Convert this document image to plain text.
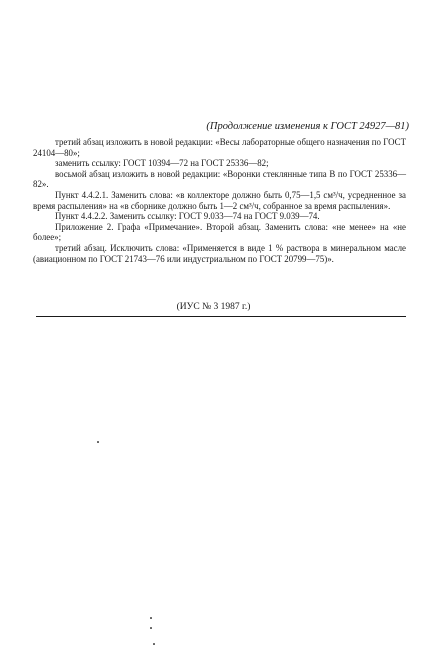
(Продолжение изменения к ГОСТ 24927—81)

третий абзац изложить в новой редакции: «Весы лабораторные общего назначения по ГОСТ 24104—80»;

заменить ссылку: ГОСТ 10394—72 на ГОСТ 25336—82;

восьмой абзац изложить в новой редакции: «Воронки стеклянные типа В по ГОСТ 25336—82».

Пункт 4.4.2.1. Заменить слова: «в коллекторе должно быть 0,75—1,5 см³/ч, усредненное за время распыления» на «в сборнике должно быть 1—2 см³/ч, собранное за время распыления».

Пункт 4.4.2.2. Заменить ссылку: ГОСТ 9.033—74 на ГОСТ 9.039—74.

Приложение 2. Графа «Примечание». Второй абзац. Заменить слова: «не менее» на «не более»;

третий абзац. Исключить слова: «Применяется в виде 1 % раствора в минеральном масле (авиационном по ГОСТ 21743—76 или индустриальном по ГОСТ 20799—75)».

(ИУС № 3 1987 г.)
